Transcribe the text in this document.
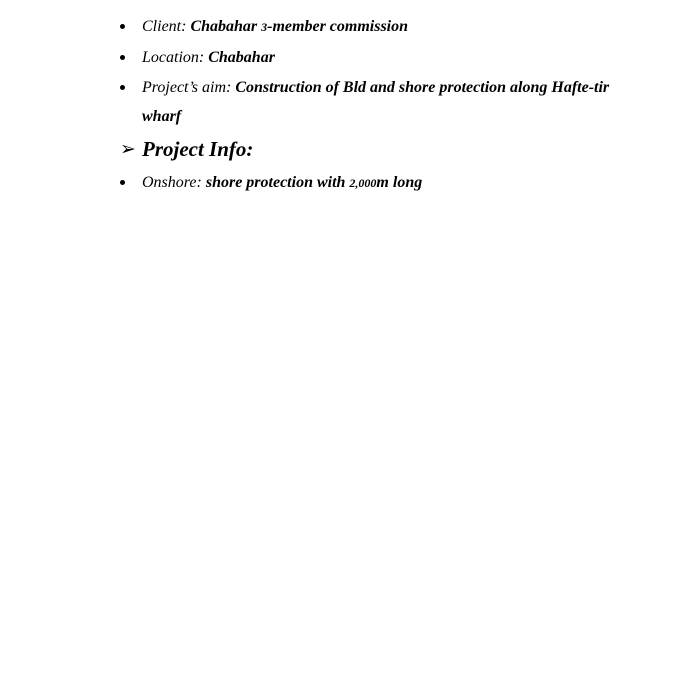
Client: Chabahar 3-member commission
Location: Chabahar
Project’s aim: Construction of Bld and shore protection along Hafte-tir wharf
➢ Project Info:
Onshore: shore protection with 2,000m long
